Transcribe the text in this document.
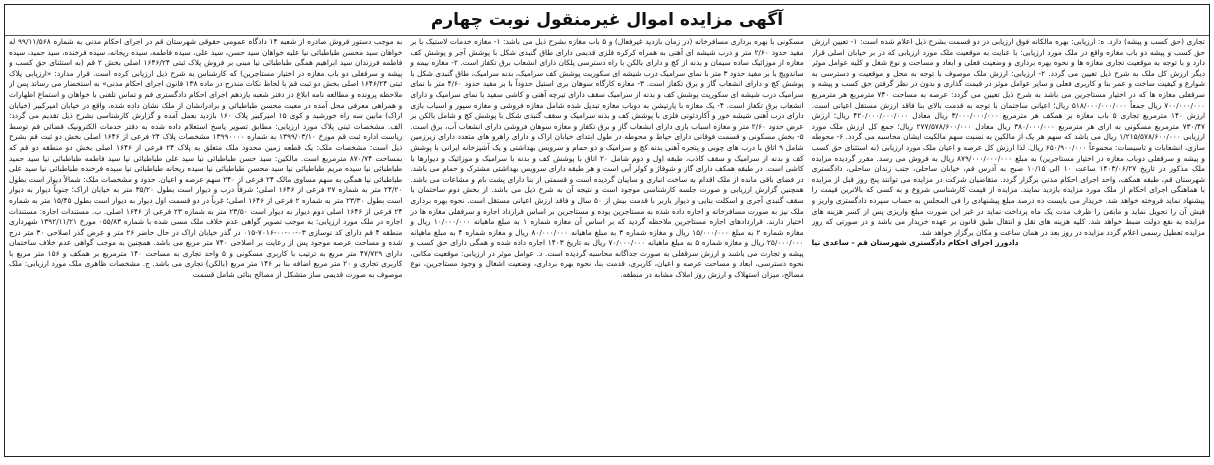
آگهی مزایده اموال غیرمنقول نوبت چهارم

به موجب دستور فروش صادره از شعبه ۱۴ دادگاه عمومی حقوقی شهرستان قم در اجرای احکام مدنی به شماره ۹۹/۱۱/۵۶۸ له خواهان سید محسن طباطبائی نیا علیه خواهان سید حسن، سید علی، سیده فاطمه، سیده ریحانه، سیده فرخنده، سید حمید، سیده فاطمه فرزندان سید ابراهیم همگی طباطبائی نیا مبنی بر فروش پلاک ثبتی ۱۶۴۶/۲۴ اصلی بخش ۲ قم (به استثنای حق کسب و پیشه و سرقفلی دو باب مغازه در اختیار مستاجرین) که کارشناس به شرح ذیل ارزیابی کرده است. قرار مدارد: «ارزیابی پلاک ثبتی ۱۶۴۶/۲۴ اصلی بخش دو ثبت قم با لحاظ نکات مندرج در ماده ۱۳۸ قانون اجرای احکام مدنی» به استحضار می رساند پس از ملاحظه پرونده و مطالعه نامه ابلاغ در دفتر شعبه یازدهم اجرای احکام دادگستری قم و تماس تلفنی با خواهان و استماع اظهارات و همراهی معرفی محل آمده در معیت محسن طباطبائی و برادرانشان از ملک نشان داده شده، واقع در خیابان امیرکبیر (خیابان اراک) مابین سه راه خورشید و کوی ۱۵ امیرکبیر پلاک ۱۶۰ بازدید بعمل آمده و گزارش کارشناسی بشرح ذیل تقدیم می گردد: الف. مشخصات ثبتی پلاک مورد ارزیابی: مطابق تصویر پاسخ استعلام داده شده به دفتر خدمات الکترونیک قضائی قم توسط ریاست اداره ثبت قم مورخ ۱۳۹۹/۰۳/۱۰ به شماره ۱۳۹۹۰۰۰۰ مشخصات پلاک ۲۴ فرعی از ۱۶۴۶ اصلی بخش دو ثبت قم بشرح ذیل است: مشخصات ملک: یک قطعه زمین محدود ملک متعلق به پلاک ۲۴ فرعی از ۱۶۴۶ اصلی بخش دو منطقه دو قم که بمساحت ۸۷۰/۷۴ مترمربع است. مالکین: سید حسن طباطبائی نیا سید علی طباطبائی نیا سید فاطمه طباطبائی نیا سید حمید طباطبائی نیا سیده مریم طباطبائی نیا سید محسن طباطبائی نیا سیده ریحانه طباطبائی نیا سیده فرخنده طباطبائی نیا سید علی طباطبائی نیا همگی به سهم مساوی مالک ۲۴ فرعی از ۲۴۰ سهم عرصه و اعیان. حدود و مشخصات ملک: شمالاً دیوار است بطول ۲۴/۲۰ متر به شماره ۲۷ فرعی از ۱۶۴۶ اصلی؛ شرقاً درب و دیوار است بطول ۳۵/۲۰ متر به خیابان اراک؛ جنوباً دیوار به دیوار است بطول ۲۳/۳۰ متر به شماره ۲ فرعی از ۱۶۴۶ اصلی؛ غرباً در دو قسمت اول دیوار به دیوار است بطول ۱۵/۴۵ متر به شماره ۲۴ فرعی از ۱۶۴۶ اصلی دوم دیوار به دیوار است ۲۳/۵۰ متر به شماره ۲۳ فرعی از ۱۶۴۶ اصلی. ب. مستندات اجاره: مستندات اجاره در ملک مورد ارزیابی: به موجب تصویر گواهی عدم خلاف ملک مسی شده با شماره ۰۵۵/۸۳ مورخ ۱۳۹۲/۱۱/۲۱ شهرداری منطقه ۴ قم دارای کد نوسازی ۰۳-۰۰-۰۰-۷۰۱۶-۰۱۵ در گذر خیابان اراک در حال حاضر ۲۶ متر و عرض گذر اصلاحی ۳۰ متر درج شده و مساحت عرصه موجود پس از رعایت بر اصلاحی ۷۴۰ متر مربع می باشد. همچنین به موجب گواهی عدم خلاف ساختمان دارای ۴۷/۷۲۹ متر مربع به ترتیب با کاربری مسکونی و ۵ واحد تجاری به مساحت ۱۴۰ مترمربع بر همکف و ۱۵۶ متر مربع با کاربری تجاری و ۲۰ متر مربع اضافه بنا بر ۱۴۶ متر مربع (بالکن) تجاری می باشد. ج. مشخصات ظاهری ملک مورد ارزیابی: ملک موصوف به صورت قدیمی ساز متشکل از مصالح بنائی شامل قسمت

مسکونی با بهره برداری مسافرخانه (در زمان بازدید غیرفعال) و ۵ باب مغازه بشرح ذیل می باشد: ۱- مغازه خدمات لاستیک با بر مفید حدود ۲/۶۰ متر و درب شیشه ای آهنی به همراه کرکره فلزی قدیمی دارای طاق گنبدی شکل با پوشش آجر و پوشش کف مغازه از موزائیک ساده سیمان و بدنه از کچ و دارای بالکن با راه دسترسی پلکان دارای انشعاب برق تکفاز است. ۲- مغازه بیمه و ساندویچ با بر مفید حدود ۳ متر با نمای سرامیک درب شیشه ای سکوریت پوشش کف سرامیک، بدنه سرامیک، طاق گنبدی شکل با پوشش کچ و دارای انشعاب گاز و برق تکفاز است. ۳- مغازه کارگاه سوهان بری استیل حدوداً با بر مفید حدود ۴/۶۰ متر با نمای سرامیک درب شیشه ای سکوریت پوشش کف و بدنه از سرامیک سقف دارای تیرچه آهنی و کاشی سفید با نمای سرامیک و دارای انشعاب برق تکفاز است. ۴- یک مغازه با پارتیشن به دوباب مغازه تبدیل شده شامل مغازه فروشی و مغازه سپور و اسباب بازی دارای درب آهنی شیشه خور و آکاردئونی فلزی با پوشش کف و بدنه سرامیک و سقف گنبدی شکل با پوشش کچ و شامل بالکن بر عرض حدود ۲/۶۰ متر و مغازه اسباب بازی دارای انشعاب گاز و برق تکفاز و مغازه سوهان فروشی دارای انشعاب آب، برق است. ۵- بخش مسکونی و قسمت فوقانی دارای حیاط و محوطه در طول ابتدای خیابان اراک و دارای راهرو های متعدد دارای زیرزمین شامل ۹ اتاق با درب های چوبی و پنجره آهنی بدنه کچ و سرامیک و دو حمام و سرویس بهداشتی و یک آشپزخانه ایرانی با پوشش کف و بدنه از سرامیک و سقف کاذب، طبقه اول و دوم شامل ۲۰ اتاق با پوشش کف و بدنه با سرامیک و موزائیک و دیوارها با کاشی است. در طبقه همکف دارای گاز و شوفاژ و کولر آبی است و هر طبقه دارای سرویس بهداشتی مشترک و حمام می باشد. در فضای باقی مانده از ملک اقدام به ساخت انباری و سایبان گردیده است و قسمتی از بنا دارای پشت بام و مشاعات می باشد. همچنین گزارش ارزیابی و صورت جلسه کارشناسی موجود است و نتیجه آن به شرح ذیل می باشد. از بخش دوم ساختمان با سقف گنبدی آجری و اسکلت بنایی و دیوار باربر با قدمت بیش از ۵۰ سال و فاقد ارزش اعیانی مستقل است. نحوه بهره برداری ملک نیز به صورت مسافرخانه و اجاره داده شده به مستاجرین بوده و مستاجرین بر اساس قرارداد اجاره و سرقفلی مغازه ها در اختیار دارند. قراردادهای اجاره مستاجرین ملاحظه گردید که بر اساس آن مغازه شماره ۱ به مبلغ ماهیانه ۱۰/۰۰۰/۰۰۰ ریال و مغازه شماره ۲ به مبلغ ۱۵/۰۰۰/۰۰۰ ریال و مغازه شماره ۳ به مبلغ ماهیانه ۸۰/۰۰۰/۰۰۰ ریال و مغازه شماره ۴ به مبلغ ماهیانه ۲۵/۰۰۰/۰۰۰ ریال و مغازه شماره ۵ به مبلغ ماهیانه ۷۰/۰۰۰/۰۰۰ ریال به تاریخ ۱۴۰۳ اجاره داده شده و همگی دارای حق کسب و پیشه و تجارت می باشند و ارزش سرقفلی به صورت جداگانه محاسبه گردیده است. د. عوامل موثر در ارزیابی: موقعیت مکانی، نحوه دسترسی، ابعاد و مساحت عرصه و اعیان، کاربری، قدمت بنا، نحوه بهره برداری، وضعیت اشغال و وجود مستاجرین، نوع مصالح، میزان استهلاک و ارزش روز املاک مشابه در منطقه.

تجاری (حق کسب و پیشه) دارد. ه: ارزیابی: بهره مالکانه فوق ارزیابی در دو قسمت بشرح ذیل اعلام شده است: ۱- تعیین ارزش حق کسب و پیشه دو باب مغازه واقع در ملک مورد ارزیابی: با عنایت به موقعیت ملک مورد ارزیابی که در بر خیابان اصلی قرار دارد و با توجه به موقعیت تجاری مغازه ها و نحوه بهره برداری و وضعیت فعلی و ابعاد و مساحت و نوع شغل و کلیه عوامل موثر دیگر ارزش کل ملک به شرح ذیل تعیین می گردد. ۲- ارزیابی: ارزش ملک موصوف با توجه به محل و موقعیت و دسترسی به شوارع و کیفیت ساخت و عمر بنا و کاربری فعلی و سایر عوامل موثر در قیمت گذاری و بدون در نظر گرفتن حق کسب و پیشه و سرقفلی مغازه ها که در اختیار مستاجرین می باشد به شرح ذیل تعیین می گردد: عرصه به مساحت ۷۴۰ مترمربع هر مترمربع ۷۰۰/۰۰۰/۰۰۰ ریال جمعاً ۵۱۸/۰۰۰/۰۰۰/۰۰۰ ریال؛ اعیانی ساختمان با توجه به قدمت بالای بنا فاقد ارزش مستقل اعیانی است. ارزش ۱۴۰ مترمربع تجاری ۵ باب مغازه بر همکف هر مترمربع ۳/۰۰۰/۰۰۰/۰۰۰ ریال معادل ۴۲۰/۰۰۰/۰۰۰/۰۰۰ ریال؛ ارزش ۷۳۰/۴۷ مترمربع مسکونی به ازای هر مترمربع ۳۸۰/۰۰۰/۰۰۰ ریال معادل ۲۷۷/۵۷۸/۶۰۰/۰۰۰ ریال؛ جمع کل ارزش ملک مورد ارزیابی ۱/۲۱۵/۵۷۸/۶۰۰/۰۰۰ ریال می باشد که سهم هر یک از مالکین به نسبت سهم مالکیت ایشان محاسبه می گردد. ۶- محوطه سازی، انشعابات و تاسیسات: مجموعاً ۶۵۰/۹۰۰/۰۰۰ ریال. لذا ارزش کل عرصه و اعیان ملک مورد ارزیابی (به استثنای حق کسب و پیشه و سرقفلی دوباب مغازه در اختیار مستاجرین) به مبلغ ۸۷۹/۰۰۰/۰۰۰/۰۰۰ ریال به فروش می رسد. مقرر گردیده مزایده ملک مذکور در تاریخ ۱۴۰۳/۰۶/۲۷ ساعت ۱۰ الی ۱۰/۱۵ صبح به آدرس قم، خیابان ساحلی، جنب زندان ساحلی، دادگستری شهرستان قم، طبقه همکف، واحد اجرای احکام مدنی برگزار گردد. متقاضیان شرکت در مزایده می توانند پنج روز قبل از مزایده با هماهنگی اجرای احکام از ملک مورد مزایده بازدید نمایند. مزایده از قیمت کارشناسی شروع و به کسی که بالاترین قیمت را پیشنهاد نماید فروخته خواهد شد. خریدار می بایست ده درصد مبلغ پیشنهادی را فی المجلس به حساب سپرده دادگستری واریز و فیش آن را تحویل نماید و مابقی را ظرف مدت یک ماه پرداخت نماید در غیر این صورت مبلغ واریزی پس از کسر هزینه های مزایده به نفع دولت ضبط خواهد شد. کلیه هزینه های نقل و انتقال طبق قانون بر عهده خریدار می باشد و در صورتی که روز مزایده تعطیل رسمی اعلام گردد مزایده در روز بعد در همان ساعت و مکان برگزار خواهد شد.

دادورز اجرای احکام دادگستری شهرستان قم - ساعدی نیا
